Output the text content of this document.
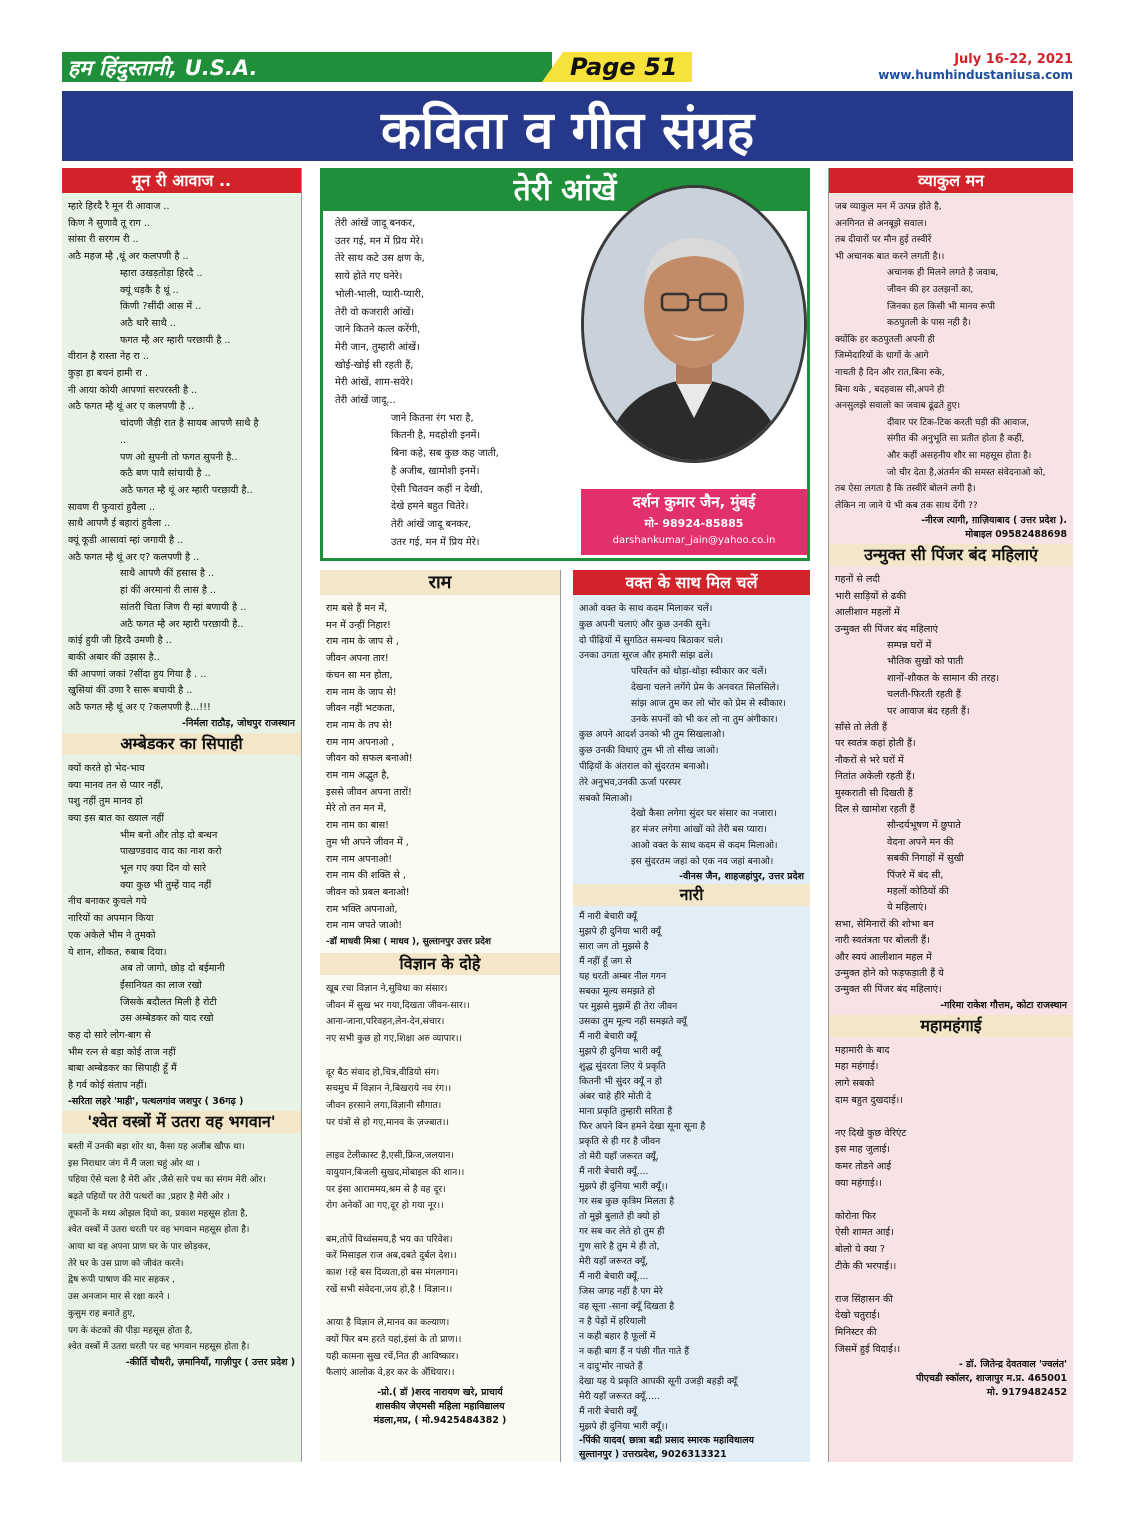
हम हिंदुस्तानी, U.S.A.	Page 51	July 16-22, 2021
www.humhindustaniusa.com
कविता व गीत संग्रह
मून री आवाज ..
म्हारे हिरदै रै मून री आवाज ..
किण नै सुणावै तू राग ..
सांसा री सरगम री ..
अठै महज म्है ,थूं अर कलपणी है ..
म्हारा उखड़तोड़ा हिरदै ..
क्यूं धड़कै है थूं ..
किणी ?सींदी आस में ..
अठै थारै साथै ..
फगत म्है अर म्हारी परछायी है ..
वीरान है रास्ता नेह रा ..
कुड़ा हा बचनं हामी रा .
नी आया कोयी आपणां सरपरस्ती है ..
अठै फगत म्है थूं अर ए कलपणी है ..
चांदणी जैड़ी रात है सायब आपणै साथै है
..
पण ओ सुपनी तो फगत सुपनी है..
कठै बण पावै सांचायी है ..
अठै फगत म्है थूं अर म्हारी परछायी है..
सावण री फुवारां हुवैला ..
साथै आपणै ई बहारां हुवैला ..
क्यूं कूडी आसावां म्हां जगायी है ..
अठै फगत म्है थूं अर ए? कलपणी है ..
साथै आपणै कीं हसास है ..
हां कीं अरमानां री लास है ..
सांतरी चिता जिण री म्हां बणायी है ..
अठै फगत म्है अर म्हारी परछायी है..
कांई हुयी जी हिरदै उमणी है ..
बाकी अबार कीं उझास है..
कीं आपणां जकां ?सींदा हुय गिया है . ..
खुसियां कीं उणा रै सारू बचायी है ..
अठै फगत म्है थूं अर ए ?कलपणी है...!!!
-निर्मला राठौड़, जोधपुर राजस्थान
अम्बेडकर का सिपाही
क्यों करते हो भेद-भाव
क्या मानव तन से प्यार नहीं,
पशु नहीं तुम मानव हो
क्या इस बात का ख्याल नहीं
भीम बनो और तोड़ दो बन्धन
पाखण्डवाद वाद का नाश करो
भूल गए क्या दिन वो सारे
क्या कुछ भी तुम्हें याद नहीं
नीच बनाकर कुचले गये
नारियों का अपमान किया
एक अकेले भीम ने तुमको
ये शान, शौकत, रुबाब दिया।
अब तो जागो, छोड़ दो बईमानी
ईंसानियत का लाज रखो
जिसके बदौलत मिली है रोटी
उस अम्बेडकर को याद रखो
कह दो सारे लोग-बाग से
भीम रत्न से बड़ा कोई ताज नहीं
बाबा अम्बेडकर का सिपाही हूँ मैं
है गर्व कोई संताप नहीं।
-सरिता लहरे 'माही', पत्थलगांव जशपुर ( 36गढ़ )
'श्वेत वस्त्रों में उतरा वह भगवान'
बस्ती में उनकी बड़ा शोर था, कैसा यह अजीब खौफ था।
इस निराधार जंग में मैं जला चहुं ओर था ।
पहिया ऐसे चला है मेरी ओर ,जैसे सारे पथ का संगम मेरी ओर।
बढ़ते पहियों पर तेरी पत्थरों का ,प्रहार है मेरी ओर ।
तूफानों के मध्य ओझल दियो का, प्रकाश महसूस होता है,
श्वेत वस्त्रों में उतरा धरती पर वह भगवान महसूस होता है।
आया था वह अपना प्राण घर के पार छोड़कर,
तेरे घर के उस प्राण को जीवंत करने।
द्वेष रूपी पाषाण की मार सहकर ,
उस अनजान मार से रक्षा करने ।
कुसुम राह बनाते हुए,
पग के कंटको की पीड़ा महसूस होता है,
श्वेत वस्त्रों में उतरा धरती पर वह भगवान महसूस होता है।
-कीर्ति चौधरी, ज़मानियाँ, गाज़ीपुर ( उत्तर प्रदेश )
तेरी आंखें
तेरी आंखें जादू बनकर,
उतर गई, मन में प्रिय मेरे।
तेरे साथ कटे उस क्षण के,
साये होते गए घनेरे।
भोली-भाली, प्यारी-प्यारी,
तेरी वो कजरारी आंखें।
जाने कितने कत्ल करेंगी,
मेरी जान, तुम्हारी आंखें।
खोई-खोई सी रहती हैं,
मेरी आंखें, शाम-सवेरे।
तेरी आंखें जादू...
जाने कितना रंग भरा है,
कितनी है, मदहोशी इनमें।
बिना कहे, सब कुछ कह जाती,
है अजीब, खामोशी इनमें।
ऐसी चितवन कहीं न देखी,
देखे हमने बहुत चितेरे।
तेरी आंखें जादू बनकर,
उतर गई, मन में प्रिय मेरे।
दर्शन कुमार जैन, मुंबई
मो- 98924-85885
darshankumar_jain@yahoo.co.in
राम
राम बसे हैं मन में,
मन में उन्हीं निहार!
राम नाम के जाप से ,
जीवन अपना तार!
कंचन सा मन होता,
राम नाम के जाप से!
जीवन नहीं भटकता,
राम नाम के तप से!
राम नाम अपनाओ ,
जीवन को सफल बनाओ!
राम नाम अद्भुत है,
इससे जीवन अपना तारों!
मेरे तो तन मन में,
राम नाम का बास!
तुम भी अपने जीवन में ,
राम नाम अपनाओ!
राम नाम की शक्ति से ,
जीवन को प्रबल बनाओ!
राम भक्ति अपनाओ,
राम नाम जपते जाओ!
-डॉ माधवी मिश्रा ( माधव ), सुल्तानपुर उत्तर प्रदेश
विज्ञान के दोहे
खूब रचा विज्ञान ने,सुविधा का संसार।
जीवन में सुख भर गया,दिखता जीवन-सार।।
आना-जाना,परिवहन,लेन-देन,संचार।
नए सभी कुछ हो गए,शिक्षा अरु व्यापार।।

दूर बैठ संवाद हो,चित्र,वीडियो संग।
सचमुच में विज्ञान ने,बिखराये नव रंग।।
जीवन हरसाने लगा,विज्ञानी सौगात।
पर यंत्रों से हो गए,मानव के ज़ज्बात।।

लाइव टेलीकास्ट है,एसी,फ्रिज,जलयान।
वायुयान,बिजली सुखद,मोबाइल की शान।।
पर इंसा आराममय,श्रम से है वह दूर।
रोग अनेकों आ गए,दूर हो गया नूर।।

बम,तोपें विध्वंसमय,है भय का परिवेश।
करें मिसाइल राज अब,दबते दुर्बल देश।।
काश !रहे बस दिव्यता,हो बस मंगलगान।
रखें सभी संवेदना,जय हो,है ! विज्ञान।।

आया है विज्ञान ले,मानव का कल्याण।
क्यों फिर बम हरते यहां,इंसां के तो प्राण।।
यही कामना सुख रचें,नित ही आविष्कार।
फैलाएं आलोक वे,हर कर के अँधियार।।
-प्रो.( डॉ )शरद नारायण खरे, प्राचार्य
शासकीय जेएमसी महिला महाविद्यालय
मंडला,मप्र, ( मो.9425484382 )
वक्त के साथ मिल चलें
आओ वक्त के साथ कदम मिलाकर चलें।
कुछ अपनी चलाएं और कुछ उनकी सुने।
दो पीढ़ियों में सुगठित समन्वय बिठाकर चले।
उनका उगता सूरज और हमारी सांझ ढले।
परिवर्तन को थोड़ा-थोड़ा स्वीकार कर चलें।
देखना चलने लगेंगे प्रेम के अनवरत सिलसिले।
सांझ आज तुम कर लो भोर को प्रेम से स्वीकार।
उनके सपनों को भी कर लो ना तुम अंगीकार।
कुछ अपने आदर्श उनको भी तुम सिखलाओ।
कुछ उनकी विधाएं तुम भी तो सीख जाओ।
पीढ़ियों के अंतराल को सुंदरतम बनाओ।
तेरे अनुभव,उनकी ऊर्जा परस्पर
सबको मिलाओ।
देखो कैसा लगेगा सुंदर घर संसार का नजारा।
हर मंजर लगेगा आंखों को तेरी बस प्यारा।
आओ वक्त के साथ कदम से कदम मिलाओ।
इस सुंदरतम जहां को एक नव जहां बनाओ।
-वीनस जैन, शाहजहांपुर, उत्तर प्रदेश
नारी
मैं नारी बेचारी क्यूँ
मुझपे ही दुनिया भारी क्यूँ
सारा जग तो मुझसे है
मैं नहीं हूँ जग से
यह धरती अम्बर नील गगन
सबका मूल्य समझते हो
पर मुझसे मुझमें ही तेरा जीवन
उसका तुम मूल्य नही समझते क्यूँ
मैं नारी बेचारी क्यूँ
मुझपे ही दुनिया भारी क्यूँ
शुद्ध सुंदरता लिए ये प्रकृति
कितनी भी सुंदर क्यूँ न हो
अंबर चाहे हीरे मोती दे
माना प्रकृति तुम्हारी सरिता है
फिर अपने बिन हमने देखा सूना सूना है
प्रकृति से ही गर है जीवन
तो मेरी यहाँ जरूरत क्यूँ,
मैं नारी बेचारी क्यूँ....
मुझपे ही दुनिया भारी क्यूँ।।
गर सब कुछ कृत्रिम मिलता है
तो मुझे बुलाते ही क्यो हो
गर सब कर लेते हो तुम ही
गुण सारे है तुम मे ही तो,
मेरी यहाँ जरूरत क्यूँ,
मैं नारी बेचारी क्यूँ....
जिस जगह नहीं है पग मेरे
वह सूना -साना क्यूँ दिखता है
न है पेड़ों में हरियाली
न कही बहार है फूलों में
न कही बाग हैं न पंछी गीत गाते हैं
न दादु'मोर नाचते हैं
देखा यह ये प्रकृति आपकी सूनी उजड़ी बहड़ी क्यूँ
मेरी यहाँ जरूरत क्यूँ.....
मैं नारी बेचारी क्यूँ
मुझपे ही दुनिया भारी क्यूँ।।
-पिंकी यादव( छात्रा बद्री प्रसाद स्मारक महाविधालय
सुल्तानपुर ) उत्तरप्रदेश, 9026313321
व्याकुल मन
जब व्याकुल मन में उत्पन्न होते है,
अनगिनत से अनबूझे सवाल।
तब दीवारों पर मौन हुई तस्वीरें
भी अचानक बात करने लगती है।।
अचानक ही मिलने लगते है जवाब,
जीवन की हर उलझनों का,
जिनका हल किसी भी मानव रूपी
कठपुतली के पास नही है।
क्योंकि हर कठपुतली अपनी ही
जिम्मेदारियों के धागों के आगे
नाचती है दिन और रात,बिना रुके,
बिना थके , बदहवास सी,अपने ही
अनसुलझे सवालो का जवाब ढूंढते हुए।
दीवार पर टिक-टिक करती घड़ी की आवाज,
संगीत की अनुभूति सा प्रतीत होता है कहीं,
और कहीं असहनीय शौर सा महसूस होता है।
जो चीर देता है,अंतर्मन की समस्त संवेदनाओ को,
तब ऐसा लगता है कि तस्वीरें बोलने लगी है।
लेकिन ना जाने ये भी कब तक साथ देंगी ??
-नीरज त्यागी, ग़ाज़ियाबाद ( उत्तर प्रदेश ).
मोबाइल 09582488698
उन्मुक्त सी पिंजर बंद महिलाएं
गहनों से लदी
भारी साड़ियों से ढकी
आलीशान महलों में
उन्मुक्त सी पिंजर बंद महिलाएं
सम्पन्न घरों में
भौतिक सुखों को पाती
शानों-शौकत के सामान की तरह।
चलती-फिरती रहती हैं
पर आवाज बंद रहती हैं।
साँसे तो लेती हैं
पर स्वतंत्र कहां होती हैं।
नौकरों से भरे घरों में
नितांत अकेली रहती हैं।
मुस्कराती सी दिखती हैं
दिल से खामोश रहती हैं
सौन्दर्यभूषण में छुपाते
वेदना अपने मन की
सबकी निगाहों में सुखी
पिंजरे में बंद सी,
महलों कोठियों की
ये महिलाएं।
सभा, सेमिनारों की शोभा बन
नारी स्वतंत्रता पर बोलती हैं।
और स्वयं आलीशान महल में
उन्मुक्त होने को फड़फड़ाती हैं ये
उन्मुक्त सी पिंजर बंद महिलाएं।
-गरिमा राकेश गौत्तम, कोटा राजस्थान
महामहंगाई
महामारी के बाद
महा महंगाई।
लागे सबको
दाम बहुत दुखदाई।।

नए दिखे कुछ वेरिएंट
इस माह जुलाई।
कमर तोडने आई
क्या महंगाई।।

कोरोना फिर
ऐसी शामत आई।
बोलो ये क्या ?
टीके की भरपाई।।

राज सिंहासन की
देखो चतुराई।
मिनिस्टर की
जिसमें हुई विदाई।।
- डॉ. जितेन्द्र देवतवाल 'ज्वलंत'
पीएचडी स्कॉलर, शाजापुर म.प्र. 465001
मो. 9179482452
